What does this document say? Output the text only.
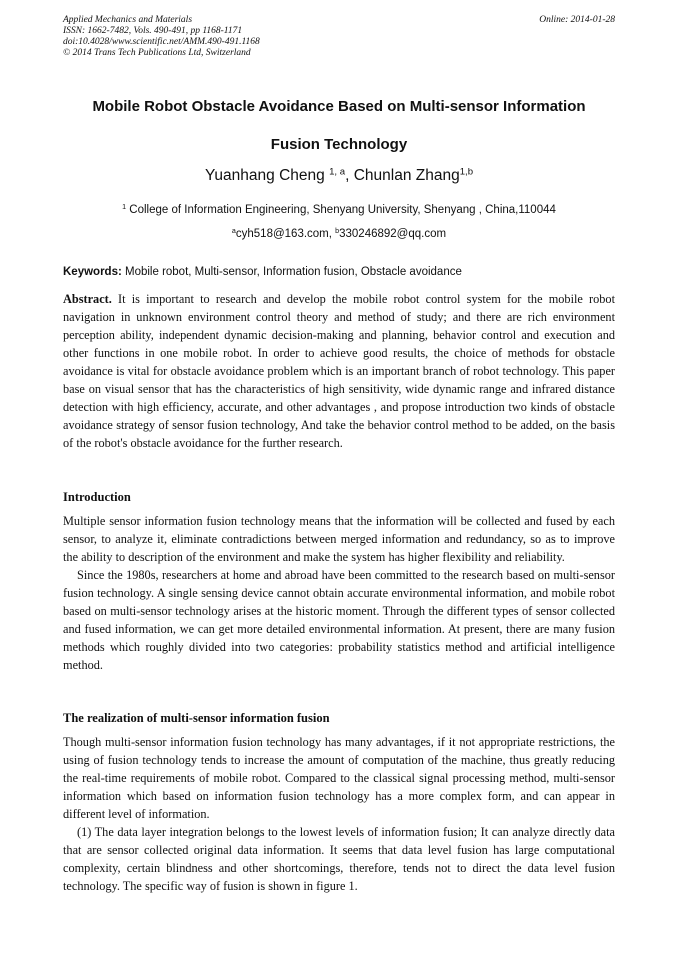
Applied Mechanics and Materials
ISSN: 1662-7482, Vols. 490-491, pp 1168-1171
doi:10.4028/www.scientific.net/AMM.490-491.1168
© 2014 Trans Tech Publications Ltd, Switzerland
Online: 2014-01-28
Mobile Robot Obstacle Avoidance Based on Multi-sensor Information
Fusion Technology
Yuanhang Cheng $^{1, a}$, Chunlan Zhang$^{1,b}$
$^1$ College of Information Engineering, Shenyang University, Shenyang , China,110044
$^a$cyh518@163.com, $^b$330246892@qq.com
Keywords: Mobile robot, Multi-sensor, Information fusion, Obstacle avoidance

Abstract. It is important to research and develop the mobile robot control system for the mobile robot navigation in unknown environment control theory and method of study; and there are rich environment perception ability, independent dynamic decision-making and planning, behavior control and execution and other functions in one mobile robot. In order to achieve good results, the choice of methods for obstacle avoidance is vital for obstacle avoidance problem which is an important branch of robot technology. This paper base on visual sensor that has the characteristics of high sensitivity, wide dynamic range and infrared distance detection with high efficiency, accurate, and other advantages , and propose introduction two kinds of obstacle avoidance strategy of sensor fusion technology, And take the behavior control method to be added, on the basis of the robot's obstacle avoidance for the further research.

Introduction

Multiple sensor information fusion technology means that the information will be collected and fused by each sensor, to analyze it, eliminate contradictions between merged information and redundancy, so as to improve the ability to description of the environment and make the system has higher flexibility and reliability.

Since the 1980s, researchers at home and abroad have been committed to the research based on multi-sensor fusion technology. A single sensing device cannot obtain accurate environmental information, and mobile robot based on multi-sensor technology arises at the historic moment. Through the different types of sensor collected and fused information, we can get more detailed environmental information. At present, there are many fusion methods which roughly divided into two categories: probability statistics method and artificial intelligence method.

The realization of multi-sensor information fusion

Though multi-sensor information fusion technology has many advantages, if it not appropriate restrictions, the using of fusion technology tends to increase the amount of computation of the machine, thus greatly reducing the real-time requirements of mobile robot. Compared to the classical signal processing method, multi-sensor information which based on information fusion technology has a more complex form, and can appear in different level of information.

(1) The data layer integration belongs to the lowest levels of information fusion; It can analyze directly data that are sensor collected original data information. It seems that data level fusion has large computational complexity, certain blindness and other shortcomings, therefore, tends not to direct the data level fusion technology. The specific way of fusion is shown in figure 1.
